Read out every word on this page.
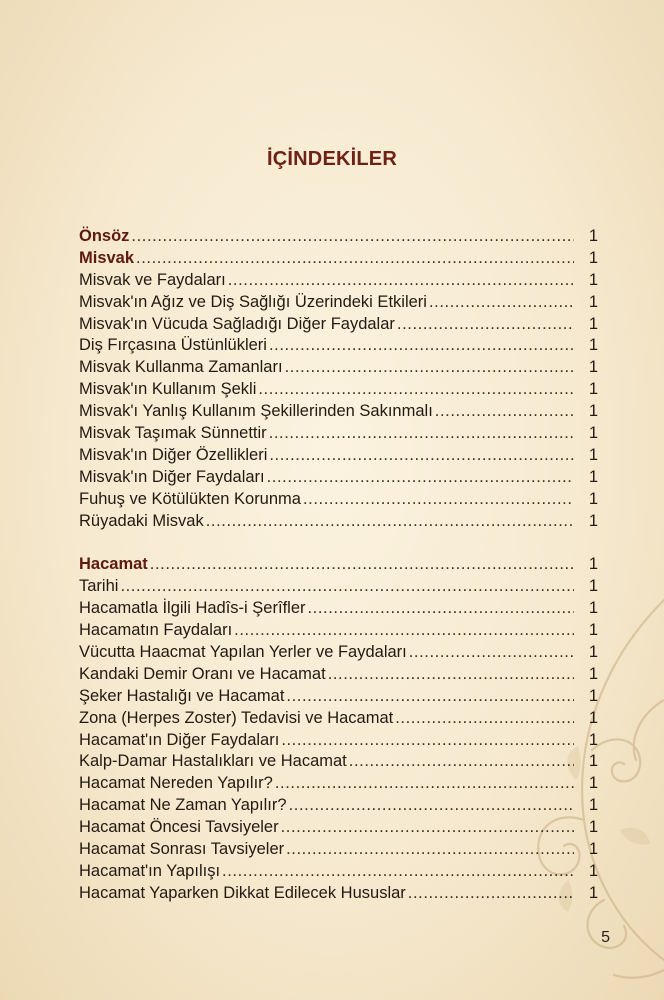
İÇİNDEKİLER
Önsöz .....	1
Misvak .....	1
Misvak ve Faydaları .....	1
Misvak'ın Ağız ve Diş Sağlığı Üzerindeki Etkileri .....	1
Misvak'ın Vücuda Sağladığı Diğer Faydalar .....	1
Diş Fırçasına Üstünlükleri .....	1
Misvak Kullanma Zamanları .....	1
Misvak'ın Kullanım Şekli .....	1
Misvak'ı Yanlış Kullanım Şekillerinden Sakınmalı .....	1
Misvak Taşımak Sünnettir .....	1
Misvak'ın Diğer Özellikleri .....	1
Misvak'ın Diğer Faydaları .....	1
Fuhuş ve Kötülükten Korunma .....	1
Rüyadaki Misvak .....	1
Hacamat .....	1
Tarihi .....	1
Hacamatla İlgili Hadîs-i Şerîfler .....	1
Hacamatın Faydaları .....	1
Vücutta Haacmat Yapılan Yerler ve Faydaları .....	1
Kandaki Demir Oranı ve Hacamat .....	1
Şeker Hastalığı ve Hacamat .....	1
Zona (Herpes Zoster) Tedavisi ve Hacamat .....	1
Hacamat'ın Diğer Faydaları .....	1
Kalp-Damar Hastalıkları ve Hacamat .....	1
Hacamat Nereden Yapılır? .....	1
Hacamat Ne Zaman Yapılır? .....	1
Hacamat Öncesi Tavsiyeler .....	1
Hacamat Sonrası Tavsiyeler .....	1
Hacamat'ın Yapılışı .....	1
Hacamat Yaparken Dikkat Edilecek Hususlar .....	1
5
